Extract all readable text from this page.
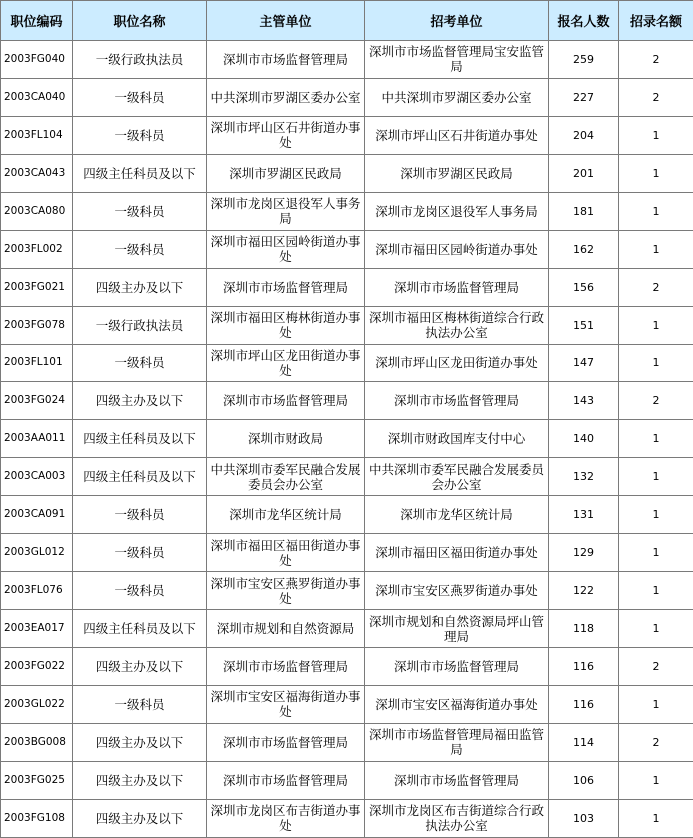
职位编码	职位名称	主管单位	招考单位	报名人数	招录名额
2003FG040	一级行政执法员	深圳市市场监督管理局	深圳市市场监督管理局宝安监管局	259	2
2003CA040	一级科员	中共深圳市罗湖区委办公室	中共深圳市罗湖区委办公室	227	2
2003FL104	一级科员	深圳市坪山区石井街道办事处	深圳市坪山区石井街道办事处	204	1
2003CA043	四级主任科员及以下	深圳市罗湖区民政局	深圳市罗湖区民政局	201	1
2003CA080	一级科员	深圳市龙岗区退役军人事务局	深圳市龙岗区退役军人事务局	181	1
2003FL002	一级科员	深圳市福田区园岭街道办事处	深圳市福田区园岭街道办事处	162	1
2003FG021	四级主办及以下	深圳市市场监督管理局	深圳市市场监督管理局	156	2
2003FG078	一级行政执法员	深圳市福田区梅林街道办事处	深圳市福田区梅林街道综合行政执法办公室	151	1
2003FL101	一级科员	深圳市坪山区龙田街道办事处	深圳市坪山区龙田街道办事处	147	1
2003FG024	四级主办及以下	深圳市市场监督管理局	深圳市市场监督管理局	143	2
2003AA011	四级主任科员及以下	深圳市财政局	深圳市财政国库支付中心	140	1
2003CA003	四级主任科员及以下	中共深圳市委军民融合发展委员会办公室	中共深圳市委军民融合发展委员会办公室	132	1
2003CA091	一级科员	深圳市龙华区统计局	深圳市龙华区统计局	131	1
2003GL012	一级科员	深圳市福田区福田街道办事处	深圳市福田区福田街道办事处	129	1
2003FL076	一级科员	深圳市宝安区燕罗街道办事处	深圳市宝安区燕罗街道办事处	122	1
2003EA017	四级主任科员及以下	深圳市规划和自然资源局	深圳市规划和自然资源局坪山管理局	118	1
2003FG022	四级主办及以下	深圳市市场监督管理局	深圳市市场监督管理局	116	2
2003GL022	一级科员	深圳市宝安区福海街道办事处	深圳市宝安区福海街道办事处	116	1
2003BG008	四级主办及以下	深圳市市场监督管理局	深圳市市场监督管理局福田监管局	114	2
2003FG025	四级主办及以下	深圳市市场监督管理局	深圳市市场监督管理局	106	1
2003FG108	四级主办及以下	深圳市龙岗区布吉街道办事处	深圳市龙岗区布吉街道综合行政执法办公室	103	1
